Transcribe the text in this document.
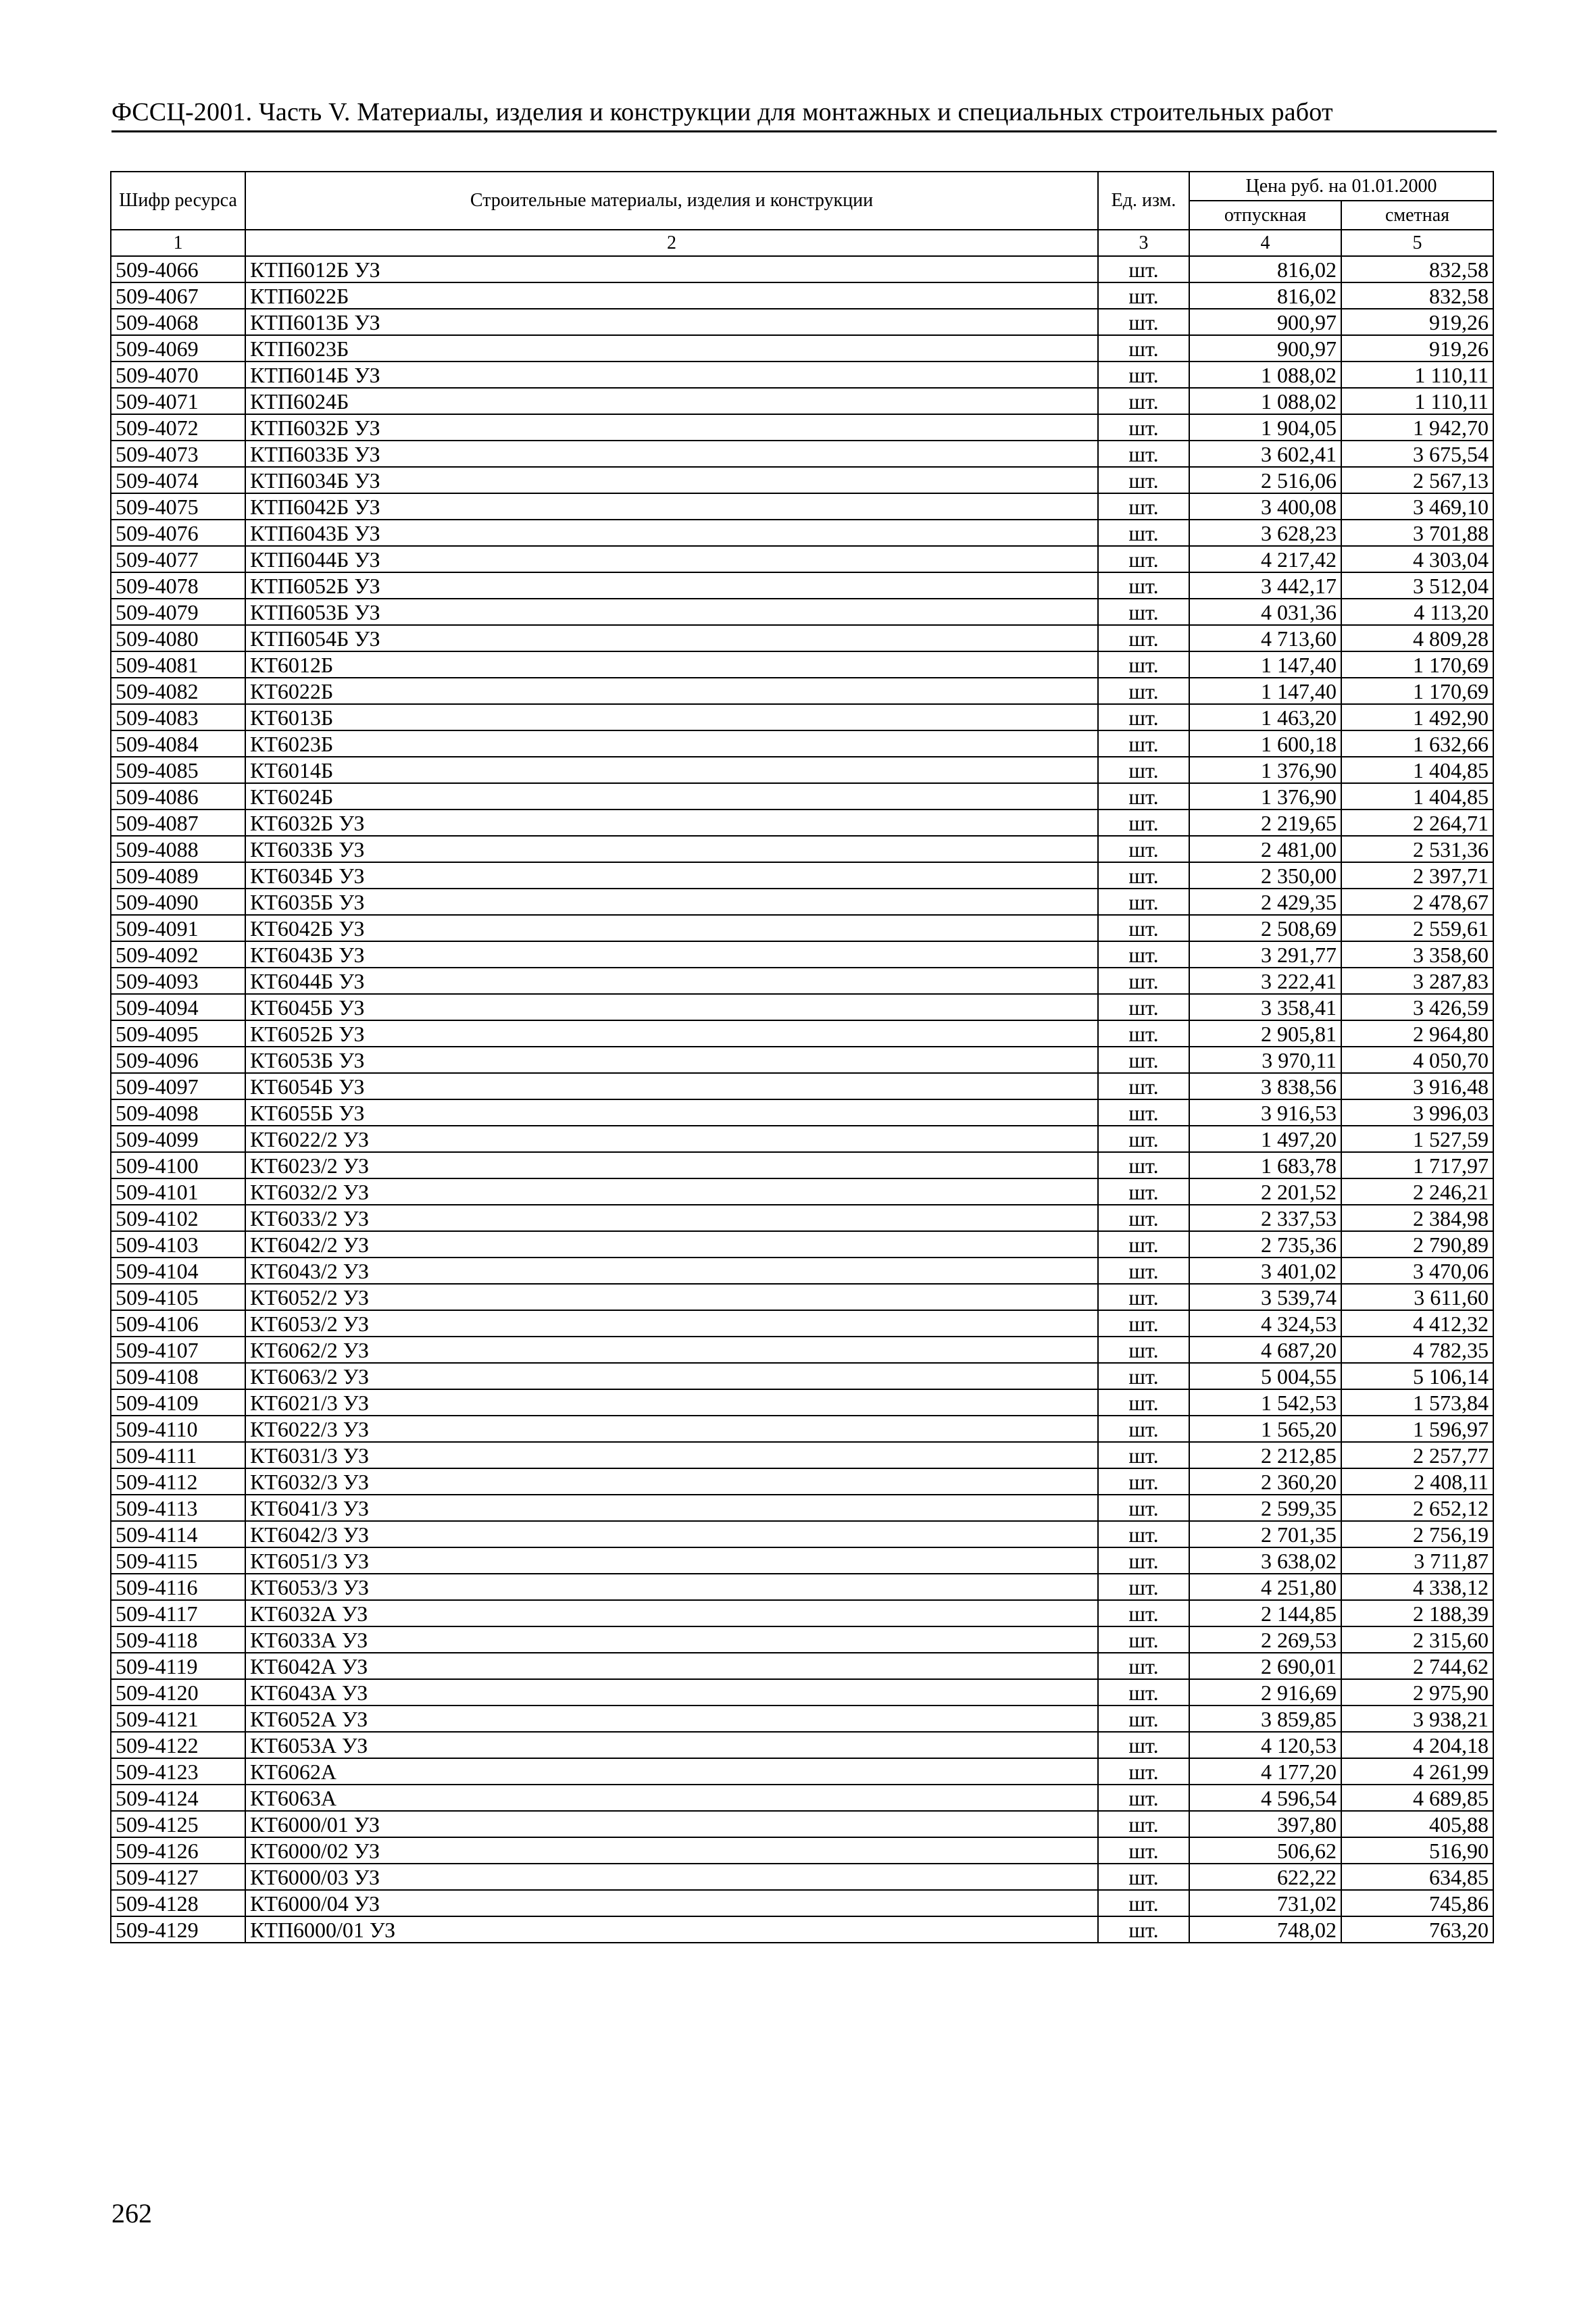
ФССЦ-2001. Часть V. Материалы, изделия и конструкции для монтажных и специальных строительных работ
Шифр ресурса	Строительные материалы, изделия и конструкции	Ед. изм.	Цена руб. на 01.01.2000	
			отпускная	сметная
1	2	3	4	5
509-4066	КТП6012Б УЗ	шт.	816,02	832,58
509-4067	КТП6022Б	шт.	816,02	832,58
509-4068	КТП6013Б УЗ	шт.	900,97	919,26
509-4069	КТП6023Б	шт.	900,97	919,26
509-4070	КТП6014Б УЗ	шт.	1 088,02	1 110,11
509-4071	КТП6024Б	шт.	1 088,02	1 110,11
509-4072	КТП6032Б УЗ	шт.	1 904,05	1 942,70
509-4073	КТП6033Б УЗ	шт.	3 602,41	3 675,54
509-4074	КТП6034Б УЗ	шт.	2 516,06	2 567,13
509-4075	КТП6042Б УЗ	шт.	3 400,08	3 469,10
509-4076	КТП6043Б УЗ	шт.	3 628,23	3 701,88
509-4077	КТП6044Б УЗ	шт.	4 217,42	4 303,04
509-4078	КТП6052Б УЗ	шт.	3 442,17	3 512,04
509-4079	КТП6053Б УЗ	шт.	4 031,36	4 113,20
509-4080	КТП6054Б УЗ	шт.	4 713,60	4 809,28
509-4081	КТ6012Б	шт.	1 147,40	1 170,69
509-4082	КТ6022Б	шт.	1 147,40	1 170,69
509-4083	КТ6013Б	шт.	1 463,20	1 492,90
509-4084	КТ6023Б	шт.	1 600,18	1 632,66
509-4085	КТ6014Б	шт.	1 376,90	1 404,85
509-4086	КТ6024Б	шт.	1 376,90	1 404,85
509-4087	КТ6032Б УЗ	шт.	2 219,65	2 264,71
509-4088	КТ6033Б УЗ	шт.	2 481,00	2 531,36
509-4089	КТ6034Б УЗ	шт.	2 350,00	2 397,71
509-4090	КТ6035Б УЗ	шт.	2 429,35	2 478,67
509-4091	КТ6042Б УЗ	шт.	2 508,69	2 559,61
509-4092	КТ6043Б УЗ	шт.	3 291,77	3 358,60
509-4093	КТ6044Б УЗ	шт.	3 222,41	3 287,83
509-4094	КТ6045Б УЗ	шт.	3 358,41	3 426,59
509-4095	КТ6052Б УЗ	шт.	2 905,81	2 964,80
509-4096	КТ6053Б УЗ	шт.	3 970,11	4 050,70
509-4097	КТ6054Б УЗ	шт.	3 838,56	3 916,48
509-4098	КТ6055Б УЗ	шт.	3 916,53	3 996,03
509-4099	КТ6022/2 УЗ	шт.	1 497,20	1 527,59
509-4100	КТ6023/2 УЗ	шт.	1 683,78	1 717,97
509-4101	КТ6032/2 УЗ	шт.	2 201,52	2 246,21
509-4102	КТ6033/2 УЗ	шт.	2 337,53	2 384,98
509-4103	КТ6042/2 УЗ	шт.	2 735,36	2 790,89
509-4104	КТ6043/2 УЗ	шт.	3 401,02	3 470,06
509-4105	КТ6052/2 УЗ	шт.	3 539,74	3 611,60
509-4106	КТ6053/2 УЗ	шт.	4 324,53	4 412,32
509-4107	КТ6062/2 УЗ	шт.	4 687,20	4 782,35
509-4108	КТ6063/2 УЗ	шт.	5 004,55	5 106,14
509-4109	КТ6021/3 УЗ	шт.	1 542,53	1 573,84
509-4110	КТ6022/3 УЗ	шт.	1 565,20	1 596,97
509-4111	КТ6031/3 УЗ	шт.	2 212,85	2 257,77
509-4112	КТ6032/3 УЗ	шт.	2 360,20	2 408,11
509-4113	КТ6041/3 УЗ	шт.	2 599,35	2 652,12
509-4114	КТ6042/3 УЗ	шт.	2 701,35	2 756,19
509-4115	КТ6051/3 УЗ	шт.	3 638,02	3 711,87
509-4116	КТ6053/3 УЗ	шт.	4 251,80	4 338,12
509-4117	КТ6032А УЗ	шт.	2 144,85	2 188,39
509-4118	КТ6033А УЗ	шт.	2 269,53	2 315,60
509-4119	КТ6042А УЗ	шт.	2 690,01	2 744,62
509-4120	КТ6043А УЗ	шт.	2 916,69	2 975,90
509-4121	КТ6052А УЗ	шт.	3 859,85	3 938,21
509-4122	КТ6053А УЗ	шт.	4 120,53	4 204,18
509-4123	КТ6062А	шт.	4 177,20	4 261,99
509-4124	КТ6063А	шт.	4 596,54	4 689,85
509-4125	КТ6000/01 УЗ	шт.	397,80	405,88
509-4126	КТ6000/02 УЗ	шт.	506,62	516,90
509-4127	КТ6000/03 УЗ	шт.	622,22	634,85
509-4128	КТ6000/04 УЗ	шт.	731,02	745,86
509-4129	КТП6000/01 УЗ	шт.	748,02	763,20
262
